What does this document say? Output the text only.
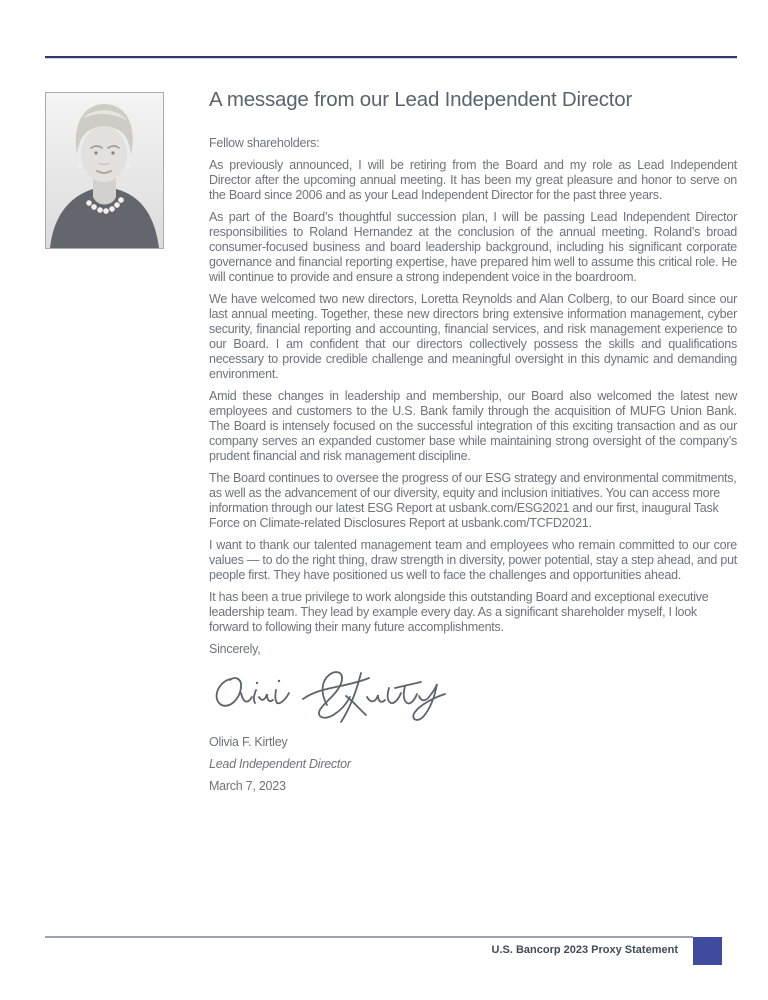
A message from our Lead Independent Director

Fellow shareholders:

As previously announced, I will be retiring from the Board and my role as Lead Independent Director after the upcoming annual meeting. It has been my great pleasure and honor to serve on the Board since 2006 and as your Lead Independent Director for the past three years.

As part of the Board’s thoughtful succession plan, I will be passing Lead Independent Director responsibilities to Roland Hernandez at the conclusion of the annual meeting. Roland’s broad consumer-focused business and board leadership background, including his significant corporate governance and financial reporting expertise, have prepared him well to assume this critical role. He will continue to provide and ensure a strong independent voice in the boardroom.

We have welcomed two new directors, Loretta Reynolds and Alan Colberg, to our Board since our last annual meeting. Together, these new directors bring extensive information management, cyber security, financial reporting and accounting, financial services, and risk management experience to our Board. I am confident that our directors collectively possess the skills and qualifications necessary to provide credible challenge and meaningful oversight in this dynamic and demanding environment.

Amid these changes in leadership and membership, our Board also welcomed the latest new employees and customers to the U.S. Bank family through the acquisition of MUFG Union Bank. The Board is intensely focused on the successful integration of this exciting transaction and as our company serves an expanded customer base while maintaining strong oversight of the company’s prudent financial and risk management discipline.

The Board continues to oversee the progress of our ESG strategy and environmental commitments, as well as the advancement of our diversity, equity and inclusion initiatives. You can access more information through our latest ESG Report at usbank.com/ESG2021 and our first, inaugural Task Force on Climate-related Disclosures Report at usbank.com/TCFD2021.

I want to thank our talented management team and employees who remain committed to our core values — to do the right thing, draw strength in diversity, power potential, stay a step ahead, and put people first. They have positioned us well to face the challenges and opportunities ahead.

It has been a true privilege to work alongside this outstanding Board and exceptional executive leadership team. They lead by example every day. As a significant shareholder myself, I look forward to following their many future accomplishments.

Sincerely,

Olivia F. Kirtley

Lead Independent Director

March 7, 2023

U.S. Bancorp 2023 Proxy Statement
